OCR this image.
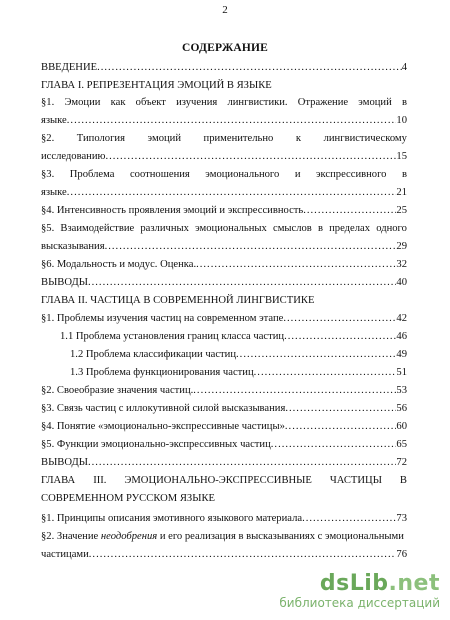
2
СОДЕРЖАНИЕ
ВВЕДЕНИЕ .....	4
ГЛАВА I. РЕПРЕЗЕНТАЦИЯ ЭМОЦИЙ В ЯЗЫКЕ
§1. Эмоции как объект изучения лингвистики. Отражение эмоций в
языке .....	10
§2. Типология эмоций применительно к лингвистическому
исследованию .....	15
§3. Проблема соотношения эмоционального и экспрессивного в
языке .....	21
§4. Интенсивность проявления эмоций и экспрессивность .....	25
§5. Взаимодействие различных эмоциональных смыслов в пределах одного
высказывания .....	29
§6. Модальность и модус. Оценка. .....	32
ВЫВОДЫ .....	40
ГЛАВА II. ЧАСТИЦА В СОВРЕМЕННОЙ ЛИНГВИСТИКЕ
§1. Проблемы изучения частиц на современном этапе .....	42
1.1 Проблема установления границ класса частиц .....	46
1.2 Проблема классификации частиц .....	49
1.3 Проблема функционирования частиц .....	51
§2. Своеобразие значения частиц. .....	53
§3. Связь частиц с иллокутивной силой высказывания .....	56
§4. Понятие «эмоционально-экспрессивные частицы» .....	60
§5. Функции эмоционально-экспрессивных частиц .....	65
ВЫВОДЫ .....	72
ГЛАВА III. ЭМОЦИОНАЛЬНО-ЭКСПРЕССИВНЫЕ ЧАСТИЦЫ В
СОВРЕМЕННОМ РУССКОМ ЯЗЫКЕ
§1. Принципы описания эмотивного языкового материала .....	73
§2. Значение неодобрения и его реализация в высказываниях с эмоциональными
частицами .....	76
dsLib.net
библиотека диссертаций
